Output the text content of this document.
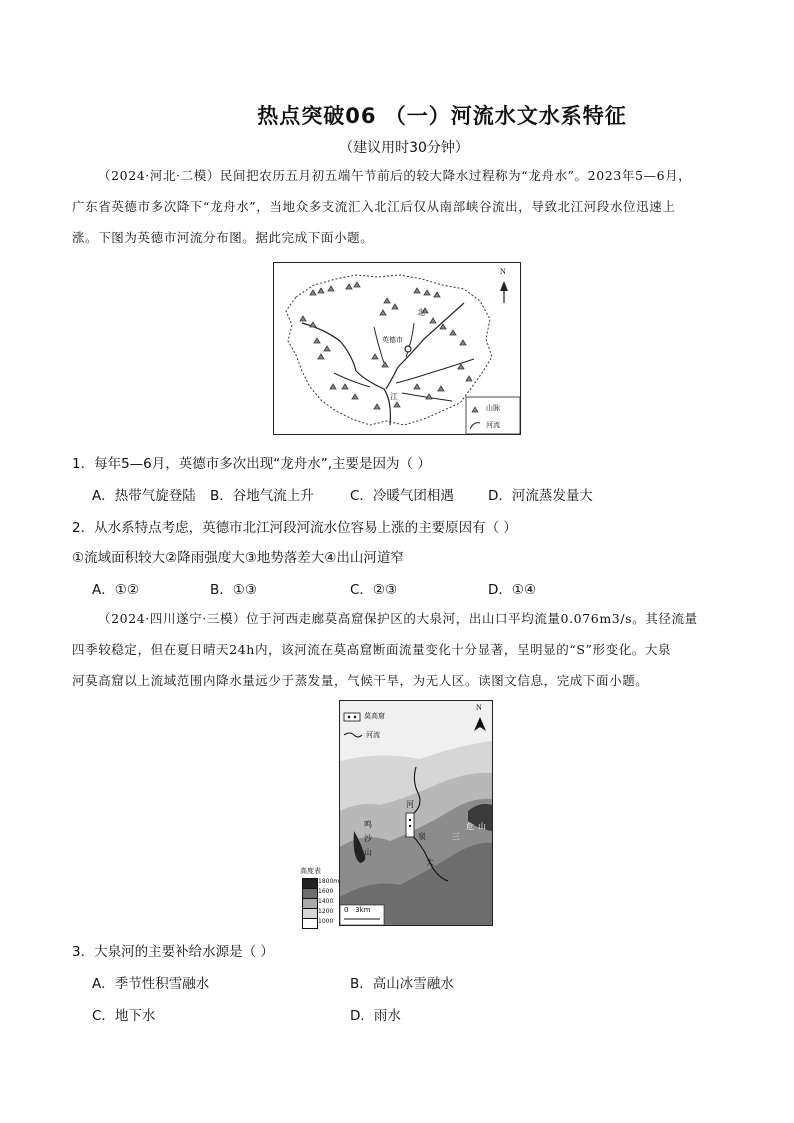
热点突破06 （一）河流水文水系特征
（建议用时30分钟）
（2024·河北·二模）民间把农历五月初五端午节前后的较大降水过程称为“龙舟水”。2023年5—6月，
广东省英德市多次降下“龙舟水”，当地众多支流汇入北江后仅从南部峡谷流出，导致北江河段水位迅速上
涨。下图为英德市河流分布图。据此完成下面小题。
N
英德市
北
江
山脉
河流
1．每年5—6月，英德市多次出现“龙舟水”,主要是因为（ ）
A．热带气旋登陆 B．谷地气流上升	C．冷暖气团相遇	D．河流蒸发量大
2．从水系特点考虑，英德市北江河段河流水位容易上涨的主要原因有（ ）
①流域面积较大②降雨强度大③地势落差大④出山河道窄
A．①②	B．①③	C．②③	D．①④
（2024·四川遂宁·三模）位于河西走廊莫高窟保护区的大泉河，出山口平均流量0.076m3/s。其径流量
四季较稳定，但在夏日晴天24h内，该河流在莫高窟断面流量变化十分显著，呈明显的“S”形变化。大泉
河莫高窟以上流域范围内降水量远少于蒸发量，气候干旱，为无人区。读图文信息，完成下面小题。
莫高窟
河流
N
河
泉
大
鸣
沙
山
三
危 山
0   3km
高度表
1800m
1600
1400
1200
1000
3．大泉河的主要补给水源是（ ）
A．季节性积雪融水	B．高山冰雪融水
C．地下水	D．雨水
